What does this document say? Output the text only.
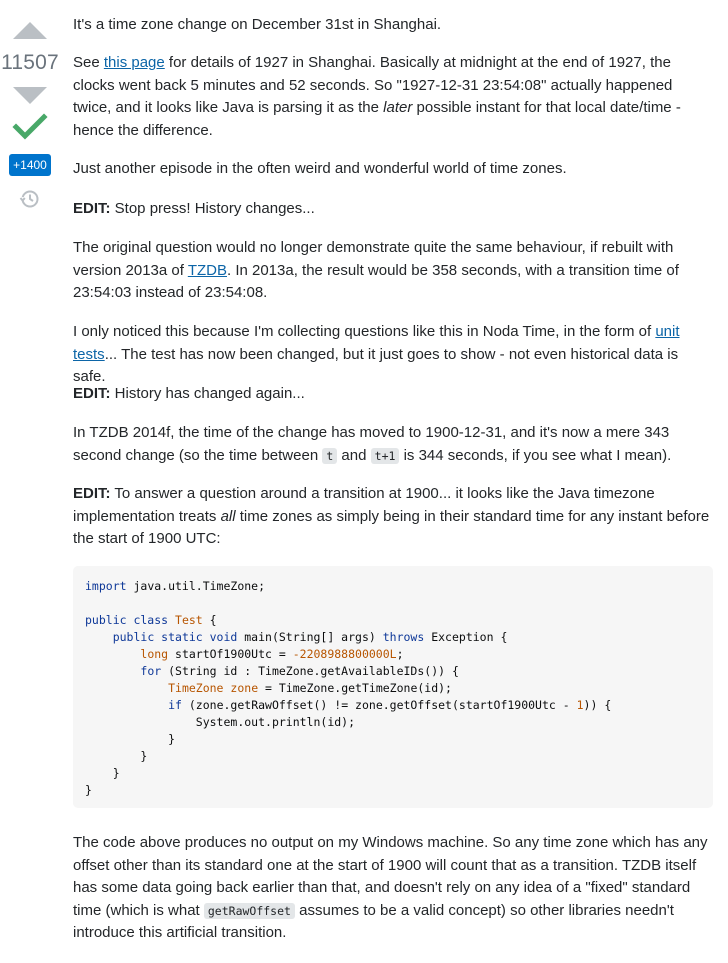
11507
+1400

It's a time zone change on December 31st in Shanghai.

See this page for details of 1927 in Shanghai. Basically at midnight at the end of 1927, the clocks went back 5 minutes and 52 seconds. So "1927-12-31 23:54:08" actually happened twice, and it looks like Java is parsing it as the later possible instant for that local date/time - hence the difference.

Just another episode in the often weird and wonderful world of time zones.

EDIT: Stop press! History changes...

The original question would no longer demonstrate quite the same behaviour, if rebuilt with version 2013a of TZDB. In 2013a, the result would be 358 seconds, with a transition time of 23:54:03 instead of 23:54:08.

I only noticed this because I'm collecting questions like this in Noda Time, in the form of unit tests... The test has now been changed, but it just goes to show - not even historical data is safe.

EDIT: History has changed again...

In TZDB 2014f, the time of the change has moved to 1900-12-31, and it's now a mere 343 second change (so the time between t and t+1 is 344 seconds, if you see what I mean).

EDIT: To answer a question around a transition at 1900... it looks like the Java timezone implementation treats all time zones as simply being in their standard time for any instant before the start of 1900 UTC:

The code above produces no output on my Windows machine. So any time zone which has any offset other than its standard one at the start of 1900 will count that as a transition. TZDB itself has some data going back earlier than that, and doesn't rely on any idea of a "fixed" standard time (which is what getRawOffset assumes to be a valid concept) so other libraries needn't introduce this artificial transition.

import java.util.TimeZone;

public class Test {
public static void main(String[] args) throws Exception {
long startOf1900Utc = -2208988800000L;
for (String id : TimeZone.getAvailableIDs()) {
TimeZone zone = TimeZone.getTimeZone(id);
if (zone.getRawOffset() != zone.getOffset(startOf1900Utc - 1)) {
System.out.println(id);
}
}
}
}
